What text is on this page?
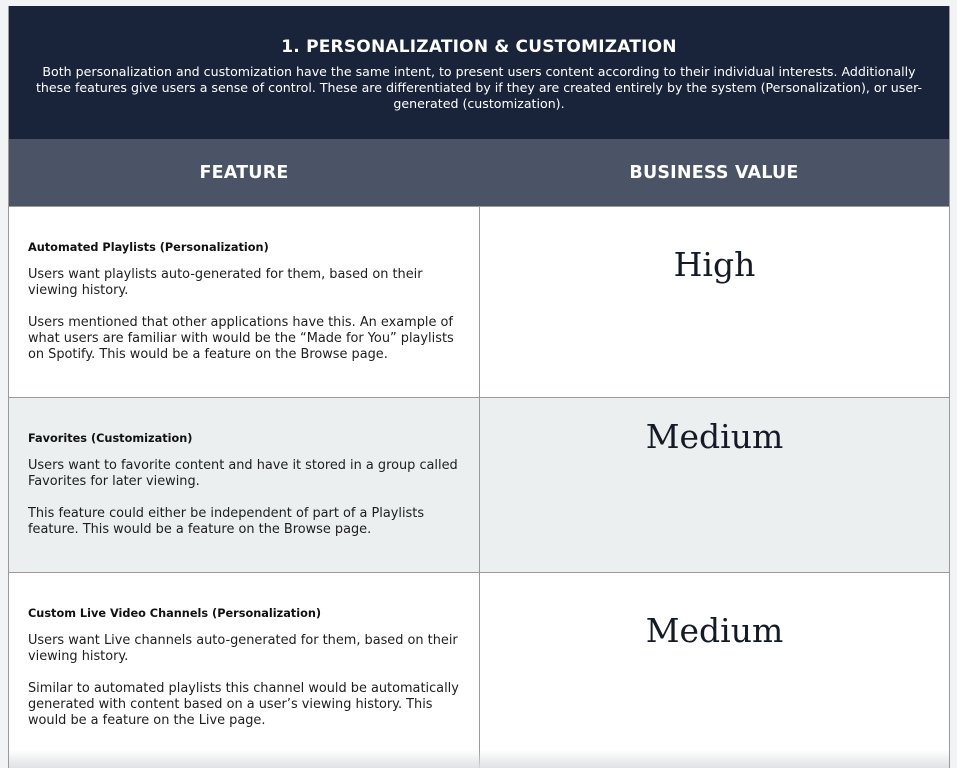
1. PERSONALIZATION & CUSTOMIZATION
Both personalization and customization have the same intent, to present users content according to their individual interests. Additionally these features give users a sense of control. These are differentiated by if they are created entirely by the system (Personalization), or user-generated (customization).
FEATURE	BUSINESS VALUE
Automated Playlists (Personalization)

Users want playlists auto-generated for them, based on their viewing history.

Users mentioned that other applications have this. An example of what users are familiar with would be the “Made for You” playlists on Spotify. This would be a feature on the Browse page.

High
Favorites (Customization)

Users want to favorite content and have it stored in a group called Favorites for later viewing.

This feature could either be independent of part of a Playlists feature. This would be a feature on the Browse page.

Medium
Custom Live Video Channels (Personalization)

Users want Live channels auto-generated for them, based on their viewing history.

Similar to automated playlists this channel would be automatically generated with content based on a user’s viewing history. This would be a feature on the Live page.

Medium
